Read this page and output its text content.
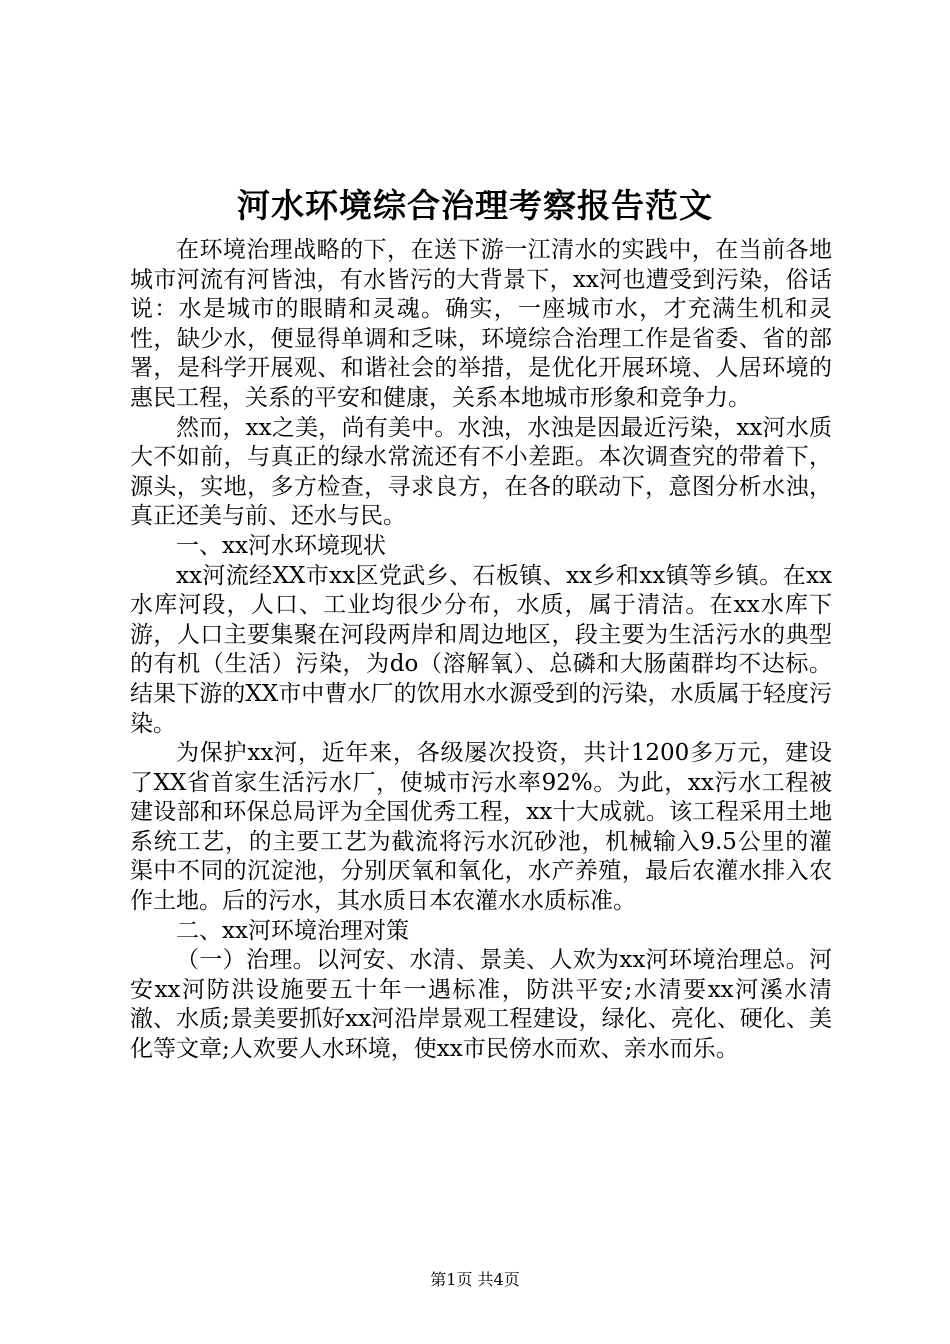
河水环境综合治理考察报告范文

在环境治理战略的下，在送下游一江清水的实践中，在当前各地城市河流有河皆浊，有水皆污的大背景下，xx河也遭受到污染，俗话说：水是城市的眼睛和灵魂。确实，一座城市水，才充满生机和灵性，缺少水，便显得单调和乏味，环境综合治理工作是省委、省的部署，是科学开展观、和谐社会的举措，是优化开展环境、人居环境的惠民工程，关系的平安和健康，关系本地城市形象和竞争力。

然而，xx之美，尚有美中。水浊，水浊是因最近污染，xx河水质大不如前，与真正的绿水常流还有不小差距。本次调查究的带着下，源头，实地，多方检查，寻求良方，在各的联动下，意图分析水浊，真正还美与前、还水与民。

一、xx河水环境现状

xx河流经XX市xx区党武乡、石板镇、xx乡和xx镇等乡镇。在xx水库河段，人口、工业均很少分布，水质，属于清洁。在xx水库下游，人口主要集聚在河段两岸和周边地区，段主要为生活污水的典型的有机（生活）污染，为do（溶解氧）、总磷和大肠菌群均不达标。结果下游的XX市中曹水厂的饮用水水源受到的污染，水质属于轻度污染。

为保护xx河，近年来，各级屡次投资，共计1200多万元，建设了XX省首家生活污水厂，使城市污水率92%。为此，xx污水工程被建设部和环保总局评为全国优秀工程，xx十大成就。该工程采用土地系统工艺，的主要工艺为截流将污水沉砂池，机械输入9.5公里的灌渠中不同的沉淀池，分别厌氧和氧化，水产养殖，最后农灌水排入农作土地。后的污水，其水质日本农灌水水质标准。

二、xx河环境治理对策

（一）治理。以河安、水清、景美、人欢为xx河环境治理总。河安xx河防洪设施要五十年一遇标准，防洪平安;水清要xx河溪水清澈、水质;景美要抓好xx河沿岸景观工程建设，绿化、亮化、硬化、美化等文章;人欢要人水环境，使xx市民傍水而欢、亲水而乐。

第1页 共4页
